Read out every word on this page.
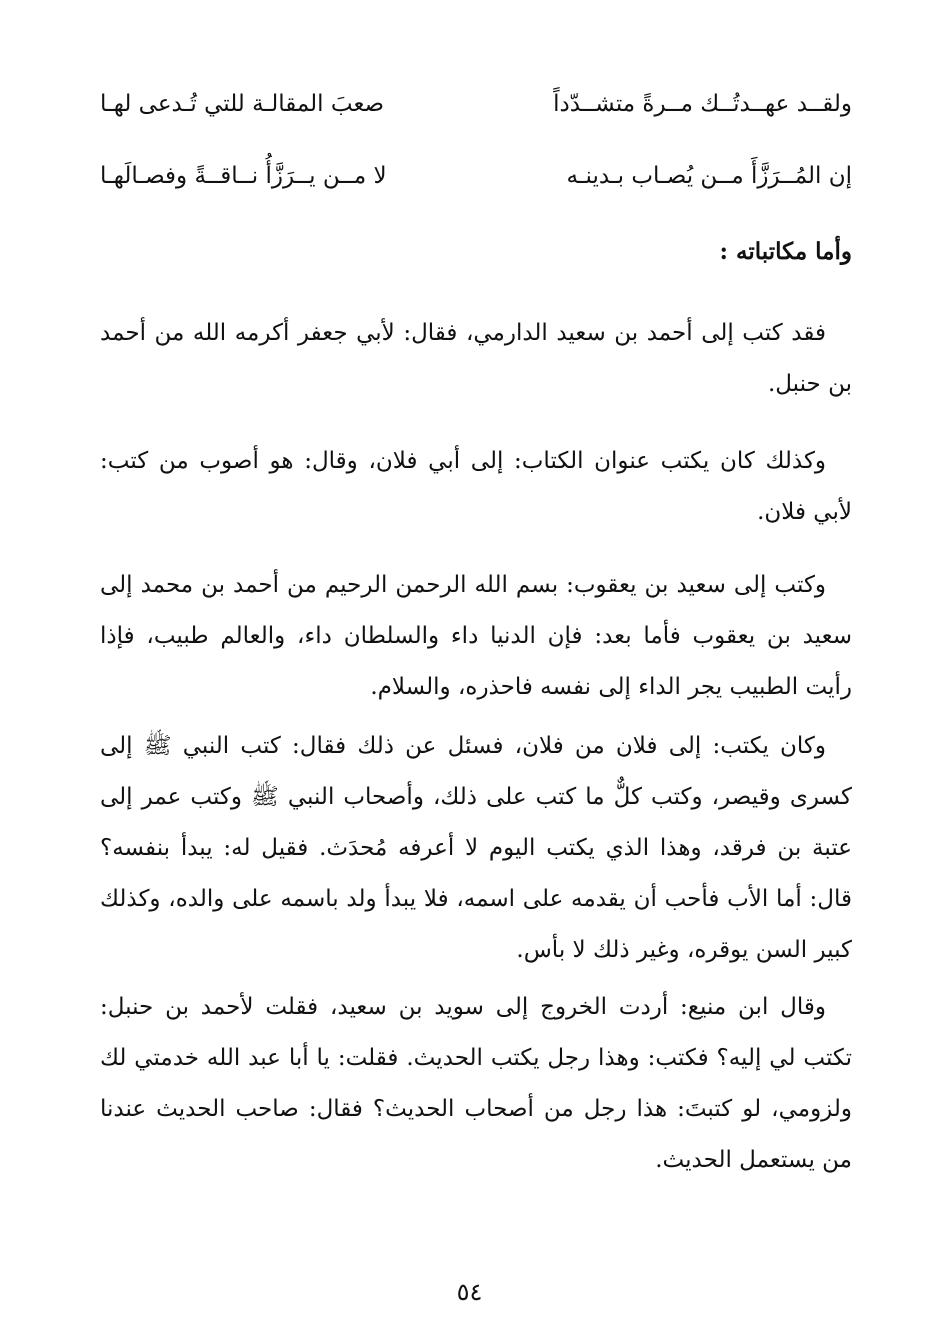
ولقــد عهــدتُــك مــرةً متشــدّداً
صعبَ المقالـة للتي تُـدعى لهـا
إن المُــرَزَّأَ مــن يُصـاب بـدينـه
لا مــن يــرَزَّأُ نــاقــةً وفصـالَهـا
وأما مكاتباته :

فقد كتب إلى أحمد بن سعيد الدارمي، فقال: لأبي جعفر أكرمه الله من أحمد بن حنبل.

وكذلك كان يكتب عنوان الكتاب: إلى أبي فلان، وقال: هو أصوب من كتب: لأبي فلان.

وكتب إلى سعيد بن يعقوب: بسم الله الرحمن الرحيم من أحمد بن محمد إلى سعيد بن يعقوب فأما بعد: فإن الدنيا داء والسلطان داء، والعالم طبيب، فإذا رأيت الطبيب يجر الداء إلى نفسه فاحذره، والسلام.

وكان يكتب: إلى فلان من فلان، فسئل عن ذلك فقال: كتب النبي ﷺ إلى كسرى وقيصر، وكتب كلٌّ ما كتب على ذلك، وأصحاب النبي ﷺ وكتب عمر إلى عتبة بن فرقد، وهذا الذي يكتب اليوم لا أعرفه مُحدَث. فقيل له: يبدأ بنفسه؟ قال: أما الأب فأحب أن يقدمه على اسمه، فلا يبدأ ولد باسمه على والده، وكذلك كبير السن يوقره، وغير ذلك لا بأس.

وقال ابن منيع: أردت الخروج إلى سويد بن سعيد، فقلت لأحمد بن حنبل: تكتب لي إليه؟ فكتب: وهذا رجل يكتب الحديث. فقلت: يا أبا عبد الله خدمتي لك ولزومي، لو كتبتَ: هذا رجل من أصحاب الحديث؟ فقال: صاحب الحديث عندنا من يستعمل الحديث.

٥٤
